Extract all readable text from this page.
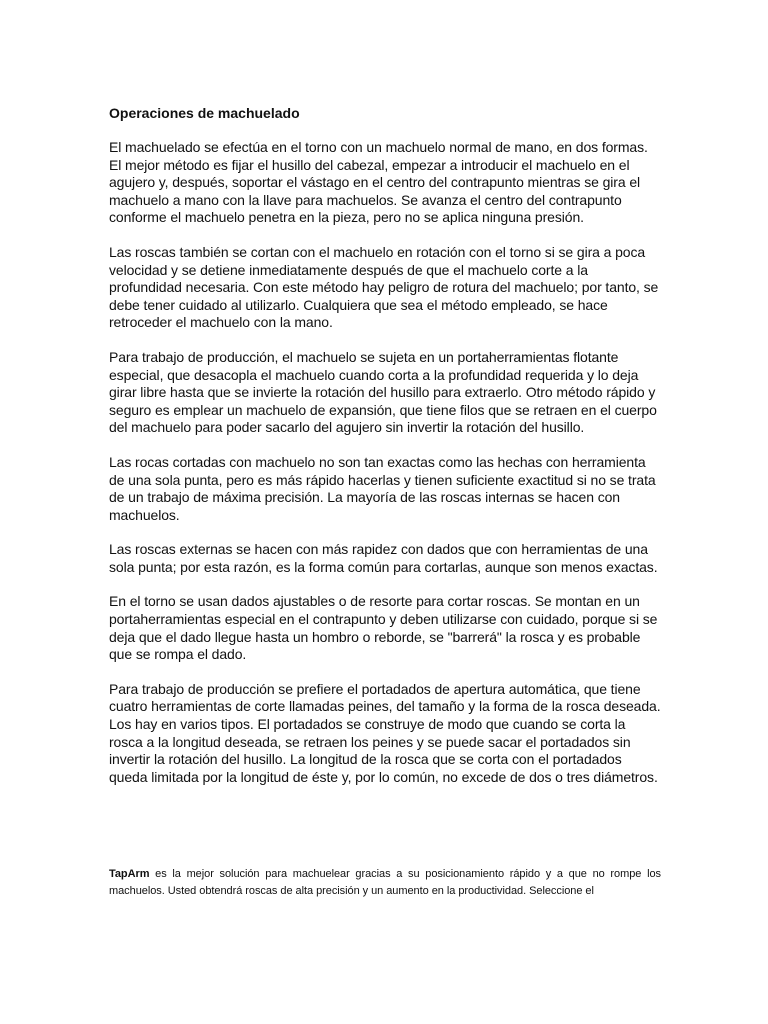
Operaciones de machuelado

El machuelado se efectúa en el torno con un machuelo normal de mano, en dos formas. El mejor método es fijar el husillo del cabezal, empezar a introducir el machuelo en el agujero y, después, soportar el vástago en el centro del contrapunto mientras se gira el machuelo a mano con la llave para machuelos. Se avanza el centro del contrapunto conforme el machuelo penetra en la pieza, pero no se aplica ninguna presión.

Las roscas también se cortan con el machuelo en rotación con el torno si se gira a poca velocidad y se detiene inmediatamente después de que el machuelo corte a la profundidad necesaria. Con este método hay peligro de rotura del machuelo; por tanto, se debe tener cuidado al utilizarlo. Cualquiera que sea el método empleado, se hace retroceder el machuelo con la mano.

Para trabajo de producción, el machuelo se sujeta en un portaherramientas flotante especial, que desacopla el machuelo cuando corta a la profundidad requerida y lo deja girar libre hasta que se invierte la rotación del husillo para extraerlo. Otro método rápido y seguro es emplear un machuelo de expansión, que tiene filos que se retraen en el cuerpo del machuelo para poder sacarlo del agujero sin invertir la rotación del husillo.

Las rocas cortadas con machuelo no son tan exactas como las hechas con herramienta de una sola punta, pero es más rápido hacerlas y tienen suficiente exactitud si no se trata de un trabajo de máxima precisión. La mayoría de las roscas internas se hacen con machuelos.

Las roscas externas se hacen con más rapidez con dados que con herramientas de una sola punta; por esta razón, es la forma común para cortarlas, aunque son menos exactas.

En el torno se usan dados ajustables o de resorte para cortar roscas. Se montan en un portaherramientas especial en el contrapunto y deben utilizarse con cuidado, porque si se deja que el dado llegue hasta un hombro o reborde, se "barrerá" la rosca y es probable que se rompa el dado.

Para trabajo de producción se prefiere el portadados de apertura automática, que tiene cuatro herramientas de corte llamadas peines, del tamaño y la forma de la rosca deseada. Los hay en varios tipos. El portadados se construye de modo que cuando se corta la rosca a la longitud deseada, se retraen los peines y se puede sacar el portadados sin invertir la rotación del husillo. La longitud de la rosca que se corta con el portadados queda limitada por la longitud de éste y, por lo común, no excede de dos o tres diámetros.

TapArm es la mejor solución para machuelear gracias a su posicionamiento rápido y a que no rompe los machuelos. Usted obtendrá roscas de alta precisión y un aumento en la productividad. Seleccione el
